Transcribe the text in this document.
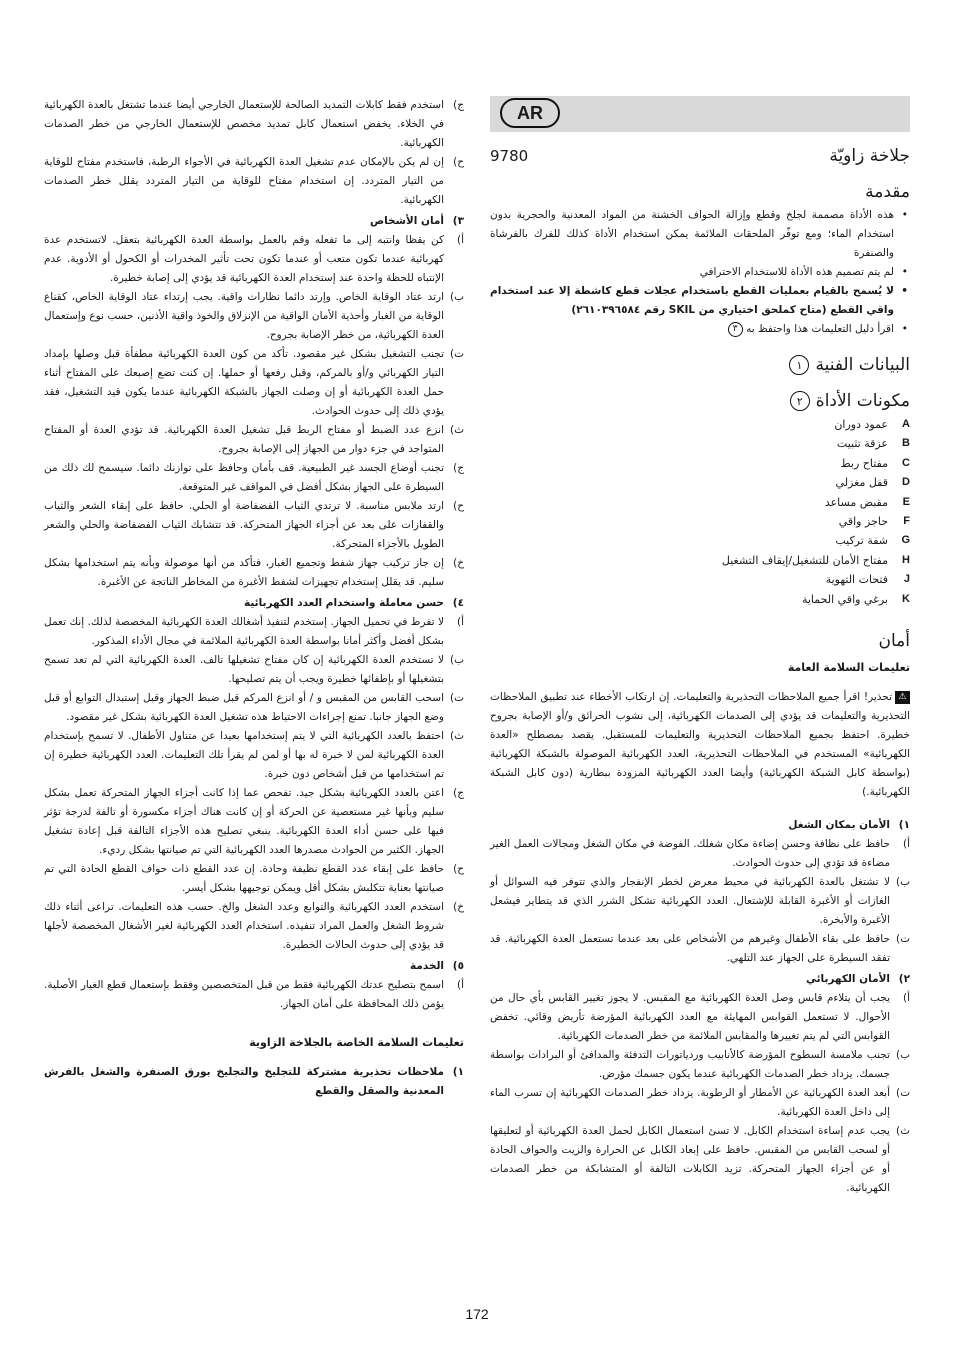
AR
جلاخة زاويّة
9780
مقدمة
• هذه الأداة مصممة لجلخ وقطع وإزالة الحواف الخشنة من المواد المعدنية والحجرية بدون استخدام الماء؛ ومع توفّر الملحقات الملائمة يمكن استخدام الأداة كذلك للفرك بالفرشاة والصنفرة
• لم يتم تصميم هذه الأداة للاستخدام الاحترافي
• لا يُسمح بالقيام بعمليات القطع باستخدام عجلات قطع كاشطة إلا عند استخدام واقي القطع (متاح كملحق اختياري من SKIL رقم ٢٦١٠٣٩٦٥٨٤)
• اقرأ دليل التعليمات هذا واحتفظ به ٣
البيانات الفنية
١
مكونات الأداة
٢
A
عمود دوران
B
عزقة تثبيت
C
مفتاح ربط
D
قفل مغزلي
E
مقبض مساعد
F
حاجز واقي
G
شفة تركيب
H
مفتاح الأمان للتشغيل/إيقاف التشغيل
J
فتحات التهوية
K
برغي واقي الحماية
أمان
تعليمات السلامة العامة
⚠تحذير! اقرأ جميع الملاحظات التحذيرية والتعليمات. إن ارتكاب الأخطاء عند تطبيق الملاحظات التحذيرية والتعليمات قد يؤدي إلى الصدمات الكهربائية، إلى نشوب الحرائق و/أو الإصابة بجروح خطيرة. احتفظ بجميع الملاحظات التحذيرية والتعليمات للمستقبل. يقصد بمصطلح «العدة الكهربائية» المستخدم في الملاحظات التحذيرية، العدد الكهربائية الموصولة بالشبكة الكهربائية (بواسطة كابل الشبكة الكهربائية) وأيضا العدد الكهربائية المزودة ببطارية (دون كابل الشبكة الكهربائية.)
١)
الأمان بمكان الشغل
أ)
حافظ على نظافة وحسن إضاءة مكان شغلك. الفوضة في مكان الشغل ومجالات العمل الغير مضاءة قد تؤدي إلى حدوث الحوادث.
ب)
لا تشتغل بالعدة الكهربائية في محيط معرض لخطر الإنفجار والذي تتوفر فيه السوائل أو الغازات أو الأغبرة القابلة للإشتعال. العدد الكهربائية تشكل الشرر الذي قد يتطاير فيشعل الأغبرة والأبخرة.
ت)
حافظ على بقاء الأطفال وغيرهم من الأشخاص على بعد عندما تستعمل العدة الكهربائية. قد تفقد السيطرة على الجهاز عند التلهي.
٢)
الأمان الكهربائي
أ)
يجب أن يتلاءم قابس وصل العدة الكهربائية مع المقبس. لا يجوز تغيير القابس بأي حال من الأحوال. لا تستعمل القوابس المهايئة مع العدد الكهربائية المؤرضة تأريض وقائي. تخفض القوابس التي لم يتم تغييرها والمقابس الملائمة من خطر الصدمات الكهربائية.
ب)
تجنب ملامسة السطوح المؤرضة كالأنابيب وردياتورات التدفئة والمدافئ أو البرادات بواسطة جسمك. يزداد خطر الصدمات الكهربائية عندما يكون جسمك مؤرض.
ت)
أبعد العدة الكهربائية عن الأمطار أو الرطوبة. يزداد خطر الصدمات الكهربائية إن تسرب الماء إلى داخل العدة الكهربائية.
ث)
يجب عدم إساءة استخدام الكابل. لا تسئ استعمال الكابل لحمل العدة الكهربائية أو لتعليقها أو لسحب القابس من المقبس. حافظ على إبعاد الكابل عن الحرارة والزيت والحواف الحادة أو عن أجزاء الجهاز المتحركة. تزيد الكابلات التالفة أو المتشابكة من خطر الصدمات الكهربائية.
ج)
استخدم فقط كابلات التمديد الصالحة للإستعمال الخارجي أيضا عندما تشتغل بالعدة الكهربائية في الخلاء. يخفض استعمال كابل تمديد مخصص للإستعمال الخارجي من خطر الصدمات الكهربائية.
ح)
إن لم يكن بالإمكان عدم تشغيل العدة الكهربائية في الأجواء الرطبة، فاستخدم مفتاح للوقاية من التيار المتردد. إن استخدام مفتاح للوقاية من التيار المتردد يقلل خطر الصدمات الكهربائية.
٣)
أمان الأشخاص
أ)
كن يقظا وانتبه إلى ما تفعله وقم بالعمل بواسطة العدة الكهربائية بتعقل. لاتستخدم عدة كهربائية عندما تكون متعب أو عندما تكون تحت تأثير المخدرات أو الكحول أو الأدوية. عدم الإنتباه للحظة واحدة عند إستخدام العدة الكهربائية قد يؤدي إلى إصابة خطيرة.
ب)
ارتد عتاد الوقاية الخاص. وإرتد دائما نظارات واقية. يجب إرتداء عتاد الوقاية الخاص، كقناع الوقاية من الغبار وأحذية الأمان الواقية من الإنزلاق والخوذ واقية الأذنين، حسب نوع وإستعمال العدة الكهربائية، من خطر الإصابة بجروح.
ت)
تجنب التشغيل بشكل غير مقصود. تأكد من كون العدة الكهربائية مطفأة قبل وصلها بإمداد التيار الكهربائي و/أو بالمركم، وقبل رفعها أو حملها. إن كنت تضع إصبعك على المفتاح أثناء حمل العدة الكهربائية أو إن وصلت الجهاز بالشبكة الكهربائية عندما يكون قيد التشغيل، فقد يؤدي ذلك إلى حدوث الحوادث.
ث)
انزع عدد الضبط أو مفتاح الربط قبل تشغيل العدة الكهربائية. قد تؤدي العدة أو المفتاح المتواجد في جزء دوار من الجهاز إلى الإصابة بجروح.
ج)
تجنب أوضاع الجسد غير الطبيعية. قف بأمان وحافظ على توازنك دائما. سيسمح لك ذلك من السيطرة على الجهاز بشكل أفضل في المواقف غير المتوقعة.
ح)
ارتد ملابس مناسبة. لا ترتدي الثياب الفضفاضة أو الحلي. حافظ على إبقاء الشعر والثياب والقفازات على بعد عن أجزاء الجهاز المتحركة. قد تتشابك الثياب الفضفاضة والحلي والشعر الطويل بالأجزاء المتحركة.
خ)
إن جاز تركيب جهاز شفط وتجميع الغبار، فتأكد من أنها موصولة وبأنه يتم استخدامها بشكل سليم. قد يقلل إستخدام تجهيزات لشفط الأغبرة من المخاطر الناتجة عن الأغبرة.
٤)
حسن معاملة واستخدام العدد الكهربائية
أ)
لا تفرط في تحميل الجهاز. إستخدم لتنفيذ أشغالك العدة الكهربائية المخصصة لذلك. إنك تعمل بشكل أفضل وأكثر أمانا بواسطة العدة الكهربائية الملائمة في مجال الأداء المذكور.
ب)
لا تستخدم العدة الكهربائية إن كان مفتاح تشغيلها تالف. العدة الكهربائية التي لم تعد تسمح بتشغيلها أو بإطفائها خطيرة ويجب أن يتم تصليحها.
ت)
اسحب القابس من المقبس و / أو انزع المركم قبل ضبط الجهاز وقبل إستبدال التوابع أو قبل وضع الجهاز جانبا. تمنع إجراءات الاحتياط هذه تشغيل العدة الكهربائية بشكل غير مقصود.
ث)
احتفظ بالعدد الكهربائية التي لا يتم إستخدامها بعيدا عن متناول الأطفال. لا تسمح بإستخدام العدة الكهربائية لمن لا خبرة له بها أو لمن لم يقرأ تلك التعليمات. العدد الكهربائية خطيرة إن تم استخدامها من قبل أشخاص دون خبرة.
ج)
اعتن بالعدد الكهربائية بشكل جيد. تفحص عما إذا كانت أجزاء الجهاز المتحركة تعمل بشكل سليم وبأنها غير مستعصية عن الحركة أو إن كانت هناك أجزاء مكسورة أو تالفة لدرجة تؤثر فيها على حسن أداء العدة الكهربائية. ينبغي تصليح هذه الأجزاء التالفة قبل إعادة تشغيل الجهاز. الكثير من الحوادث مصدرها العدد الكهربائية التي تم صيانتها بشكل رديء.
ح)
حافظ على إبقاء عدد القطع نظيفة وحادة. إن عدد القطع ذات حواف القطع الحادة التي تم صيانتها بعناية تتكلبش بشكل أقل ويمكن توجيهها بشكل أيسر.
خ)
استخدم العدد الكهربائية والتوابع وعدد الشغل والخ. حسب هذه التعليمات. تراعى أثناء ذلك شروط الشغل والعمل المراد تنفيذه. استخدام العدد الكهربائية لغير الأشغال المخصصة لأجلها قد يؤدي إلى حدوث الحالات الخطيرة.
٥)
الخدمة
أ)
اسمح بتصليح عدتك الكهربائية فقط من قبل المتخصصين وفقط بإستعمال قطع الغيار الأصلية. يؤمن ذلك المحافظة على أمان الجهاز.
تعليمات السلامة الخاصة بالجلاخة الزاوية
١)
ملاحظات تحذيرية مشتركة للتجليخ والتجليخ بورق الصنفرة والشغل بالفرش المعدنية والصقل والقطع
172
